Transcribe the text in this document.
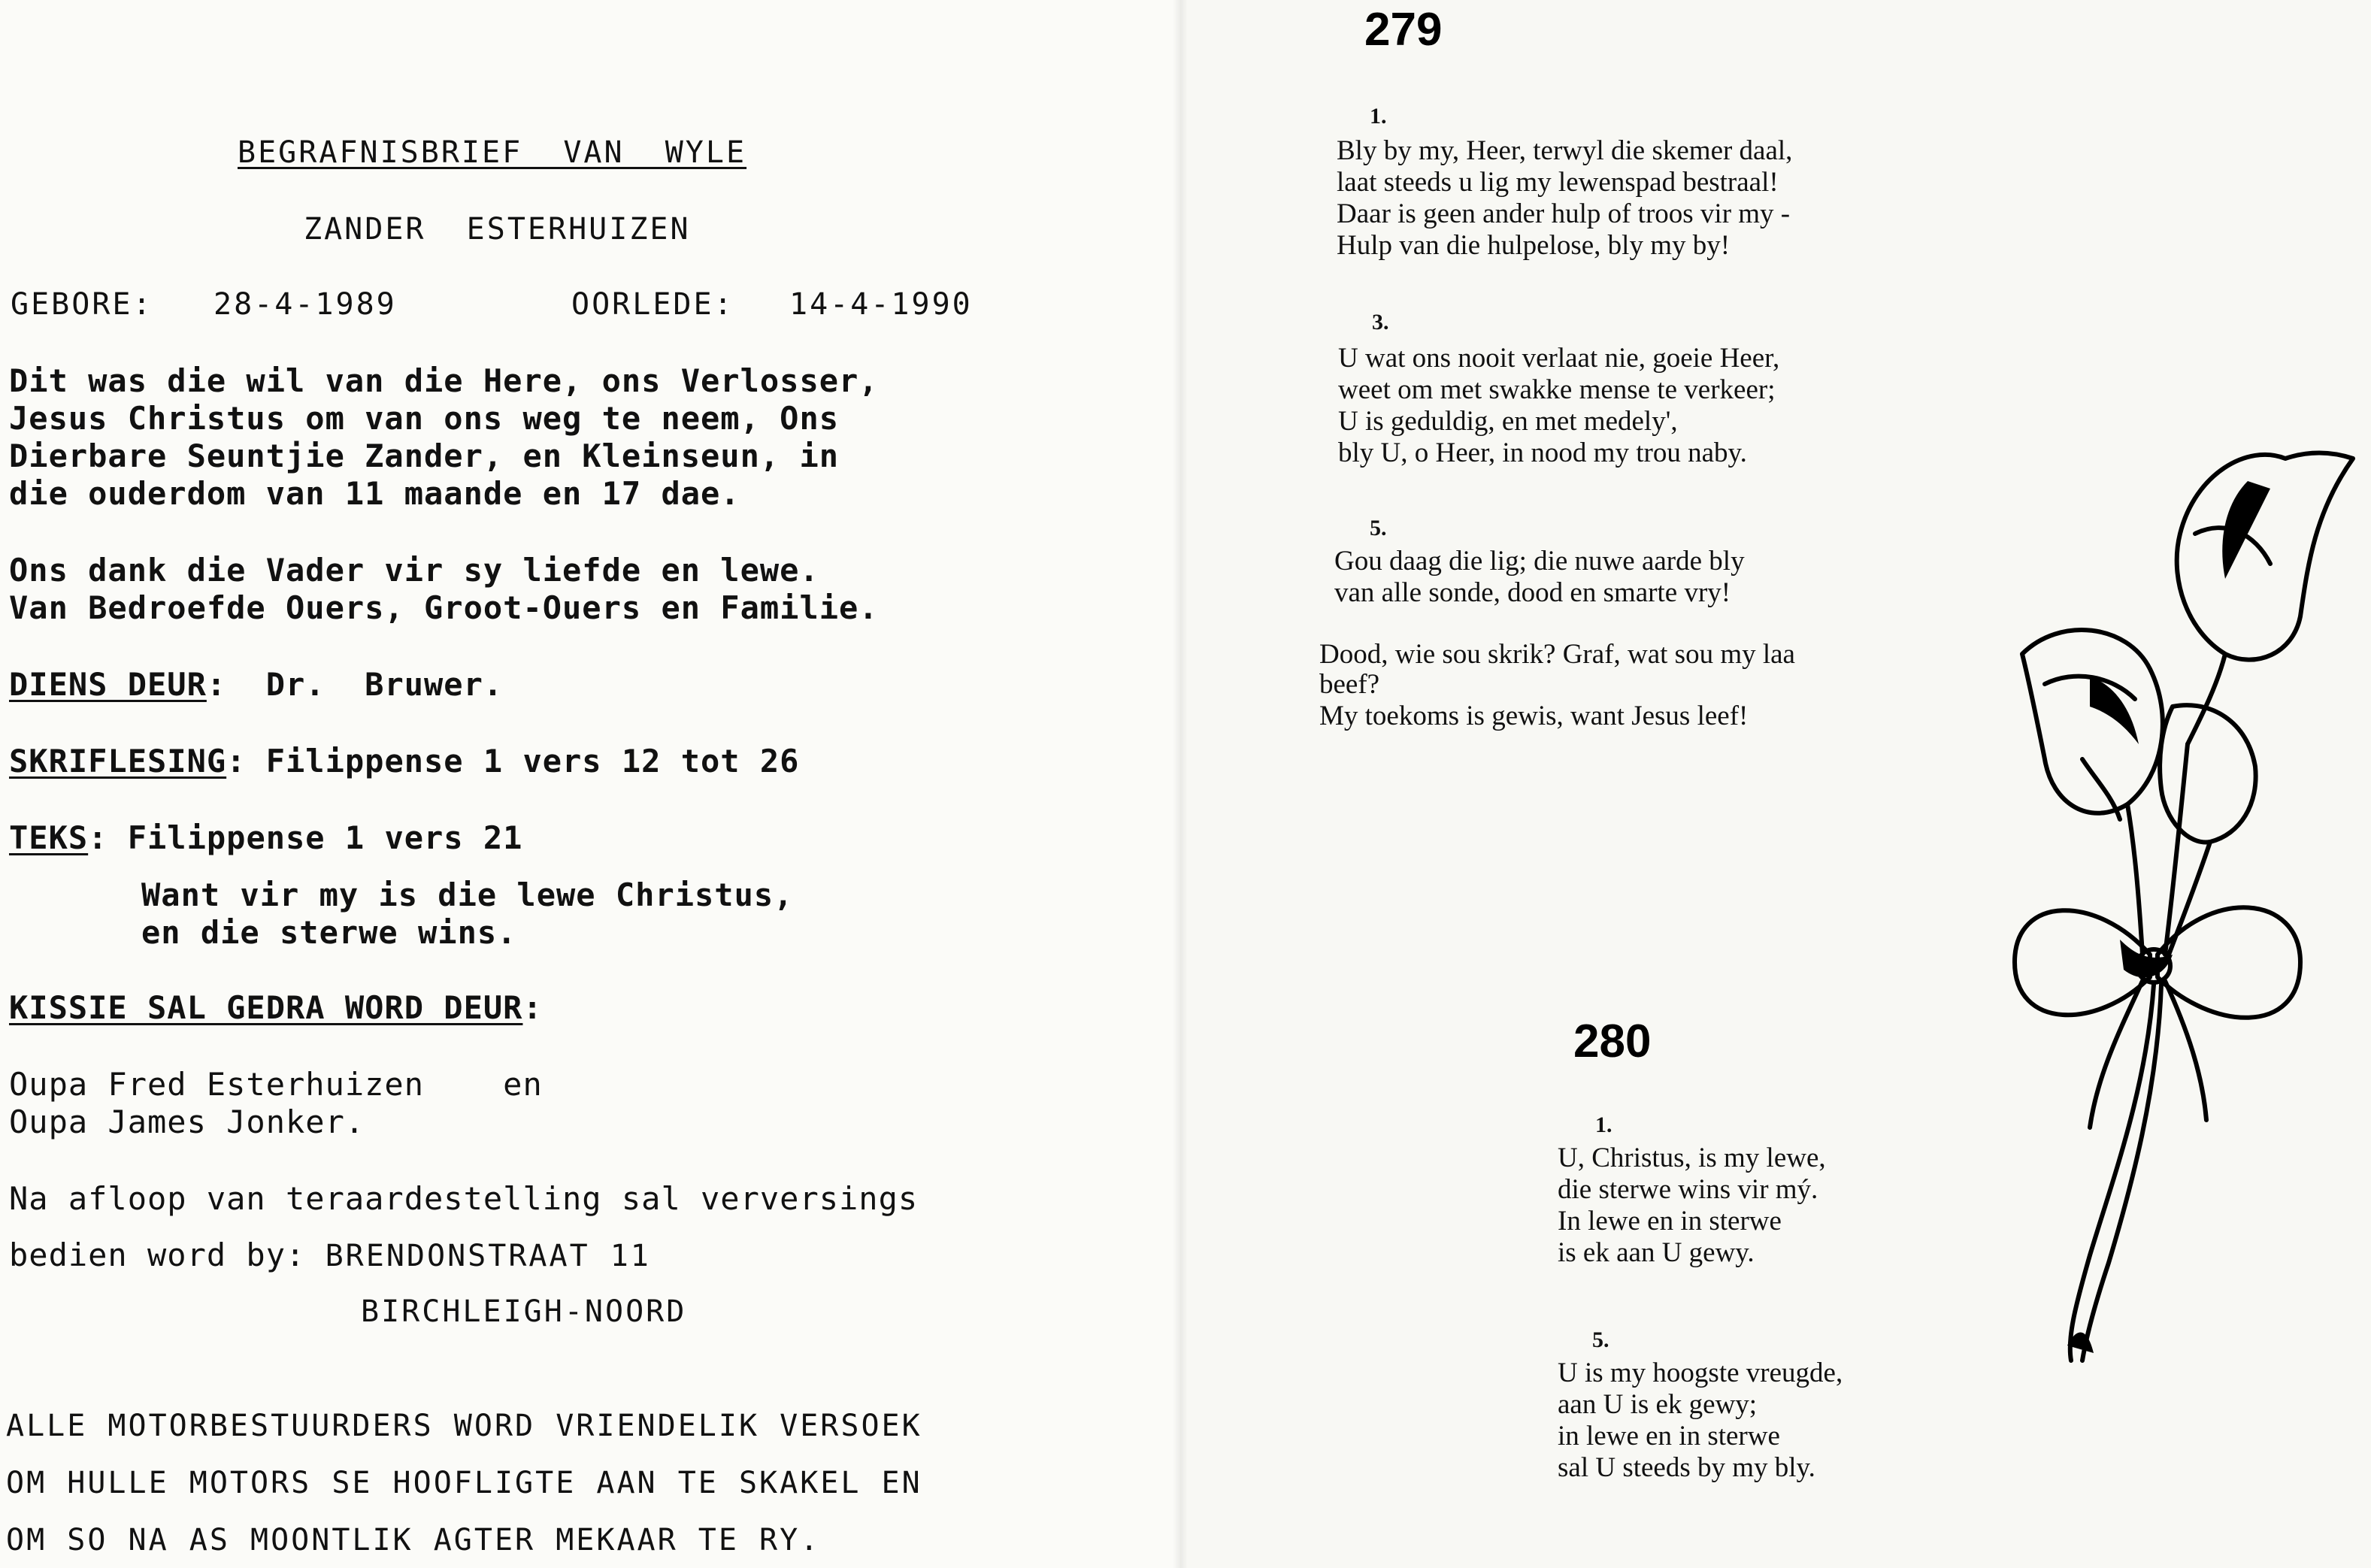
BEGRAFNISBRIEF  VAN  WYLE
ZANDER  ESTERHUIZEN
GEBORE: 28-4-1989	OORLEDE: 14-4-1990
Dit was die wil van die Here, ons Verlosser,
Jesus Christus om van ons weg te neem, Ons
Dierbare Seuntjie Zander, en Kleinseun, in
die ouderdom van 11 maande en 17 dae.
Ons dank die Vader vir sy liefde en lewe.
Van Bedroefde Ouers, Groot-Ouers en Familie.
DIENS DEUR:  Dr.  Bruwer.
SKRIFLESING: Filippense 1 vers 12 tot 26
TEKS: Filippense 1 vers 21
Want vir my is die lewe Christus,
en die sterwe wins.
KISSIE SAL GEDRA WORD DEUR:
Oupa Fred Esterhuizen    en
Oupa James Jonker.
Na afloop van teraardestelling sal verversings
bedien word by: BRENDONSTRAAT 11
BIRCHLEIGH-NOORD
ALLE MOTORBESTUURDERS WORD VRIENDELIK VERSOEK
OM HULLE MOTORS SE HOOFLIGTE AAN TE SKAKEL EN
OM SO NA AS MOONTLIK AGTER MEKAAR TE RY.
279
1.
Bly by my, Heer, terwyl die skemer daal,
laat steeds u lig my lewenspad bestraal!
Daar is geen ander hulp of troos vir my -
Hulp van die hulpelose, bly my by!
3.
U wat ons nooit verlaat nie, goeie Heer,
weet om met swakke mense te verkeer;
U is geduldig, en met medely',
bly U, o Heer, in nood my trou naby.
5.
Gou daag die lig; die nuwe aarde bly
van alle sonde, dood en smarte vry!
Dood, wie sou skrik? Graf, wat sou my laa
beef?
My toekoms is gewis, want Jesus leef!
280
1.
U, Christus, is my lewe,
die sterwe wins vir mý.
In lewe en in sterwe
is ek aan U gewy.
5.
U is my hoogste vreugde,
aan U is ek gewy;
in lewe en in sterwe
sal U steeds by my bly.
